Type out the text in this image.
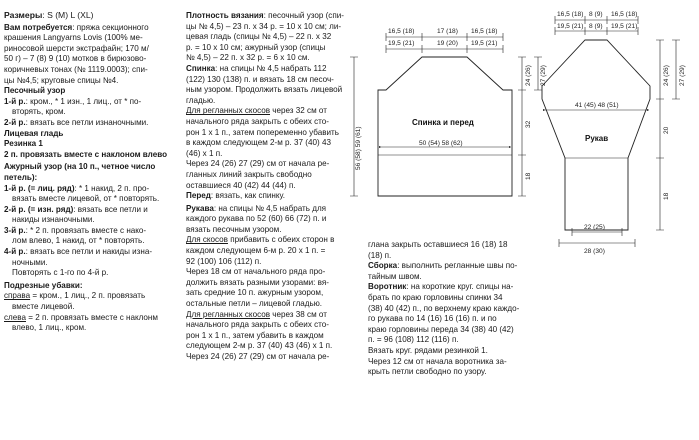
Размеры: S (M) L (XL)

Вам потребуется: пряжа секционного

крашения Langyarns Lovis (100% ме-

риносовой шерсти экстрафайн; 170 м/

50 г) – 7 (8) 9 (10) мотков в бирюзово-

коричневых тонах (№ 1119.0003); спи-

цы №4,5; круговые спицы №4.

Песочный узор

1-й р.: кром., * 1 изн., 1 лиц., от * по-

вторять, кром.

2-й р.: вязать все петли изнаночными.

Лицевая гладь

Резинка 1

2 п. провязать вместе с наклоном влево

Ажурный узор (на 10 п., четное число

петель):

1-й р. (= лиц. ряд): * 1 накид, 2 п. про-

вязать вместе лицевой, от * повторять.

2-й р. (= изн. ряд): вязать все петли и

накиды изнаночными.

3-й р.: * 2 п. провязать вместе с нако-

лом влево, 1 накид, от * повторять.

4-й р.: вязать все петли и накиды изна-

ночными.

Повторять с 1-го по 4-й р.

Подрезные убавки:

справа = кром., 1 лиц., 2 п. провязать

вместе лицевой.

слева = 2 п. провязать вместе с наклонм

влево, 1 лиц., кром.

Плотность вязания: песочный узор (спи-

цы № 4,5) – 23 п. x 34 р. = 10 x 10 см; ли-

цевая гладь (спицы № 4,5) – 22 п. x 32

р. = 10 x 10 см; ажурный узор (спицы

№ 4,5) – 22 п. x 32 р. = 6 x 10 см.

Спинка: на спицы № 4,5 набрать 112

(122) 130 (138) п. и вязать 18 см песоч-

ным узором. Продолжить вязать лицевой

гладью.

Для регланных скосов через 32 см от

начального ряда закрыть с обеих сто-

рон 1 x 1 п., затем попеременно убавить

в каждом следующем 2-м р. 37 (40) 43

(46) x 1 п.

Через 24 (26) 27 (29) см от начала ре-

гланных линий закрыть свободно

оставшиеся 40 (42) 44 (44) п.

Перед: вязать, как спинку.

Рукава: на спицы № 4,5 набрать для

каждого рукава по 52 (60) 66 (72) п. и

вязать песочным узором.

Для скосов прибавить с обеих сторон в

каждом следующем 6-м р. 20 x 1 п. =

92 (100) 106 (112) п.

Через 18 см от начального ряда про-

должить вязать разными узорами: вя-

зать средние 10 п. ажурным узором,

остальные петли – лицевой гладью.

Для регланных скосов через 38 см от

начального ряда закрыть с обеих сто-

рон 1 x 1 п., затем убавить в каждом

следующем 2-м р. 37 (40) 43 (46) x 1 п.

Через 24 (26) 27 (29) см от начала ре-

глана закрыть оставшиеся 16 (18) 18

(18) п.

Сборка: выполнить регланные швы по-

тайным швом.

Воротник: на короткие круг. спицы на-

брать по краю горловины спинки 34

(38) 40 (42) п., по верхнему краю каждо-

го рукава по 14 (16) 16 (16) п. и по

краю горловины переда 34 (38) 40 (42)

п. = 96 (108) 112 (116) п.

Вязать круг. рядами резинкой 1.

Через 12 см от начала воротника за-

крыть петли свободно по узору.

16,5 (18)	17 (18) 16,5 (18)
19,5 (21)	19 (20) 19,5 (21)
Спинка и перед
50 (54) 58 (62)
56 (58) 59 (61)
24 (26) 27 (29)
32
18
16,5 (18) 8 (9) 16,5 (18)
19,5 (21) 8 (9) 19,5 (21)
41 (45) 48 (51)
Рукав
24 (26) 27 (29)
20
18
22 (25)
28 (30)
